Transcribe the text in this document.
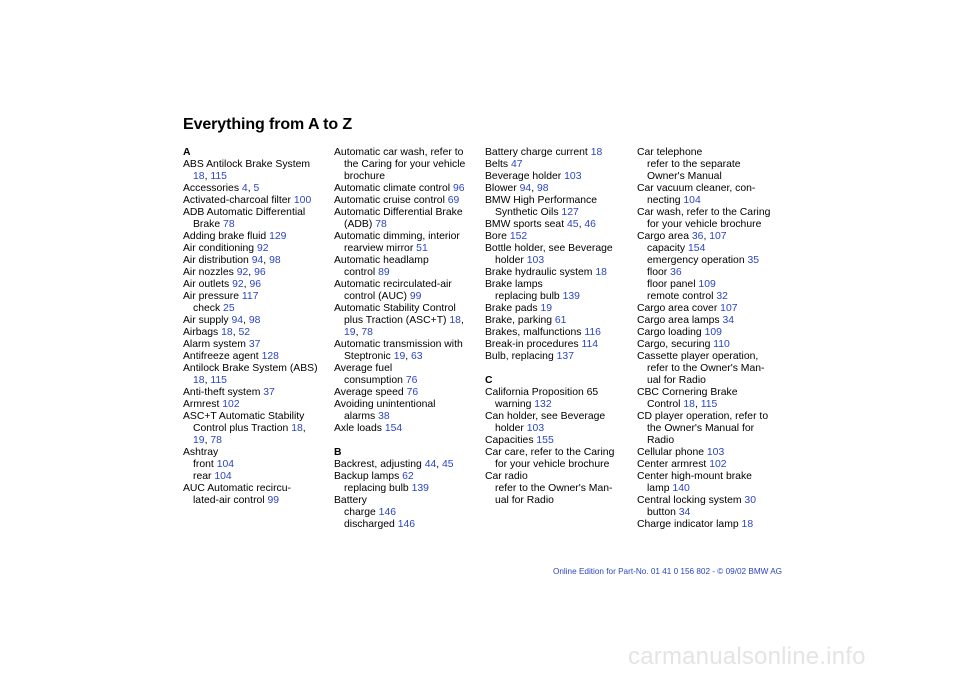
Everything from A to Z
A
ABS Antilock Brake System
18, 115
Accessories 4, 5
Activated-charcoal filter 100
ADB Automatic Differential
Brake 78
Adding brake fluid 129
Air conditioning 92
Air distribution 94, 98
Air nozzles 92, 96
Air outlets 92, 96
Air pressure 117
check 25
Air supply 94, 98
Airbags 18, 52
Alarm system 37
Antifreeze agent 128
Antilock Brake System (ABS)
18, 115
Anti-theft system 37
Armrest 102
ASC+T Automatic Stability
Control plus Traction 18,
19, 78
Ashtray
front 104
rear 104
AUC Automatic recircu-
lated-air control 99
Automatic car wash, refer to
the Caring for your vehicle
brochure
Automatic climate control 96
Automatic cruise control 69
Automatic Differential Brake
(ADB) 78
Automatic dimming, interior
rearview mirror 51
Automatic headlamp
control 89
Automatic recirculated-air
control (AUC) 99
Automatic Stability Control
plus Traction (ASC+T) 18,
19, 78
Automatic transmission with
Steptronic 19, 63
Average fuel
consumption 76
Average speed 76
Avoiding unintentional
alarms 38
Axle loads 154
B
Backrest, adjusting 44, 45
Backup lamps 62
replacing bulb 139
Battery
charge 146
discharged 146
Battery charge current 18
Belts 47
Beverage holder 103
Blower 94, 98
BMW High Performance
Synthetic Oils 127
BMW sports seat 45, 46
Bore 152
Bottle holder, see Beverage
holder 103
Brake hydraulic system 18
Brake lamps
replacing bulb 139
Brake pads 19
Brake, parking 61
Brakes, malfunctions 116
Break-in procedures 114
Bulb, replacing 137
C
California Proposition 65
warning 132
Can holder, see Beverage
holder 103
Capacities 155
Car care, refer to the Caring
for your vehicle brochure
Car radio
refer to the Owner's Man-
ual for Radio
Car telephone
refer to the separate
Owner's Manual
Car vacuum cleaner, con-
necting 104
Car wash, refer to the Caring
for your vehicle brochure
Cargo area 36, 107
capacity 154
emergency operation 35
floor 36
floor panel 109
remote control 32
Cargo area cover 107
Cargo area lamps 34
Cargo loading 109
Cargo, securing 110
Cassette player operation,
refer to the Owner's Man-
ual for Radio
CBC Cornering Brake
Control 18, 115
CD player operation, refer to
the Owner's Manual for
Radio
Cellular phone 103
Center armrest 102
Center high-mount brake
lamp 140
Central locking system 30
button 34
Charge indicator lamp 18
Online Edition for Part-No. 01 41 0 156 802 - © 09/02 BMW AG
carmanualsonline.info
